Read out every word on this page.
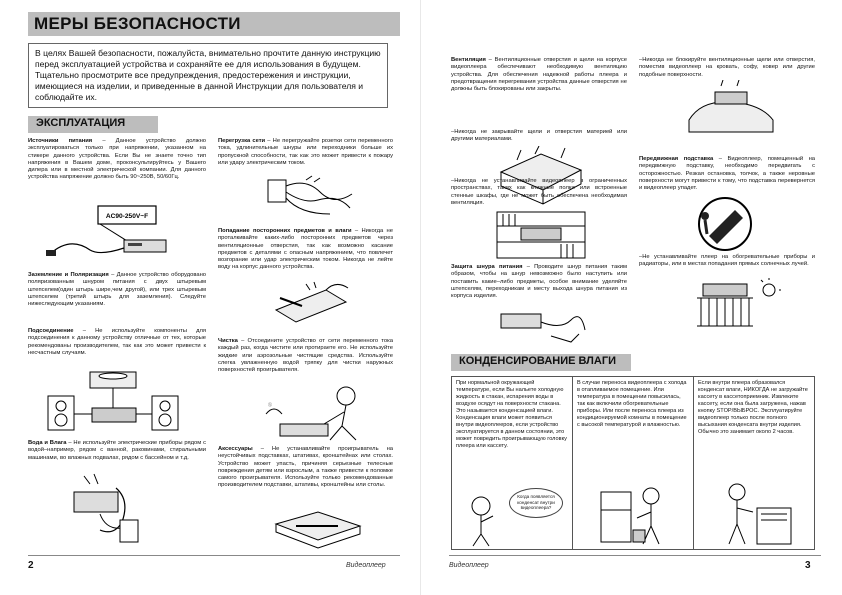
МЕРЫ БЕЗОПАСНОСТИ
В целях Вашей безопасности, пожалуйста, внимательно прочтите данную инструкцию перед эксплуатацией устройства и сохраняйте ее для использования в будущем. Тщательно просмотрите все предупреждения, предостережения и инструкции, имеющиеся на изделии, и приведенные в данной Инструкции для пользователя и соблюдайте их.
ЭКСПЛУАТАЦИЯ
Источники питания – Данное устройство должно эксплуатироваться только при напряжении, указанном на стикере данного устройства. Если Вы не знаете точно тип напряжения в Вашем доме, проконсультируйтесь у Вашего дилера или в местной электрической компании. Для данного устройства напряжение должно быть 90~250В, 50/60Гц.
AC90-250V~F
Заземление и Поляризация – Данное устройство оборудовано поляризованным шнуром питания с двух штыревым штепселем(один штырь шире,чем другой), или трех штыревым штепселем (третий штырь для заземления). Следуйте нижеследующим указаниям.
Подсоединение – Не используйте компоненты для подсоединения к данному устройству отличные от тех, которые рекомендованы производителем, так как это может привести к несчастным случаям.
Вода и Влага – Не используйте электрические приборы рядом с водой–например, рядом с ванной, раковинами, стиральными машинами, во влажных подвалах, рядом с бассейном и т.д.
Перегрузка сети – Не перегружайте розетки сети переменного тока, удлинительные шнуры или переходники больше их пропускной способности, так как это может привести к пожару или удару электрическим током.
Попадание посторонних предметов и влаги – Никогда не проталкивайте каких-либо посторонних предметов через вентиляционные отверстия, так как возможно касание предметов с деталями с опасным напряжением, что повлечет возгорание или удар электрическим током. Никогда не лейте воду на корпус данного устройства.
Чистка – Отсоедините устройство от сети переменного тока каждый раз, когда чистите или протираете его. Не используйте жидкие или аэрозольные чистящие средства. Используйте слегка увлажненную водой тряпку для чистки наружных поверхностей проигрывателя.
ⓧ
Аксессуары – Не устанавливайте проигрыватель на неустойчивых подставках, штативах, кронштейнах или столах. Устройство может упасть, причиняя серьезные телесные повреждения детям или взрослым, а также привести к поломке самого проигрывателя. Используйте только рекомендованные производителем подставки, штативы, кронштейны или столы.
2	Видеоплеер
Вентиляция – Вентиляционные отверстия и щели на корпусе видеоплеера обеспечивают необходимую вентиляцию устройства. Для обеспечения надежной работы плеера и предотвращения перегревания устройства данные отверстия не должны быть блокированы или закрыты.
–Никогда не закрывайте щели и отверстия материей или другими материалами.
–Никогда не устанавливайте видеоплеер в ограниченных пространствах, таких как книжные полки или встроенные стенные шкафы, где не может быть обеспечена необходимая вентиляция.
Защита шнура питания – Проводите шнур питания таким образом, чтобы на шнур невозможно было наступить или поставить какие–либо предметы, особое внимание уделяйте штепселям, переходникам и месту выхода шнура питания из корпуса изделия.
–Никогда не блокируйте вентиляционные щели или отверстия, поместив видеоплеер на кровать, софу, ковер или другие подобные поверхности.
Передвижная подставка – Видеоплеер, помещенный на передвижную подставку, необходимо передвигать с осторожностью. Резкая остановка, толчок, а также неровные поверхности могут привести к тому, что подставка перевернется и видеоплеер упадет.
–Не устанавливайте плеер на обогревательные приборы и радиаторы, или в местах попадания прямых солнечных лучей.
КОНДЕНСИРОВАНИЕ ВЛАГИ
При нормальной окружающей температуре, если Вы нальете холодную жидкость в стакан, испарения воды в воздухе осядут на поверхности стакана. Это называется конденсацией влаги. Конденсация влаги может появиться внутри видеоплееров, если устройство эксплуатируется в данном состоянии, это может повредить проигрывающую головку плеера или кассету.
В случае переноса видеоплеера с холода в отапливаемое помещение. Или температура в помещении повысилась, так как включили обогревательные приборы. Или после переноса плеера из кондиционируемой комнаты в помещение с высокой температурой и влажностью.
Если внутри плеера образовался конденсат влаги, НИКОГДА не загружайте кассету в кассетоприемник. Извлеките кассету, если она была загружена, нажав кнопку STOP/ВЫБРОС. Эксплуатируйте видеоплеер только после полного высыхания конденсата внутри изделия. Обычно это занимает около 2 часов.
Когда появляется конденсат внутри видеоплеера?
Видеоплеер	3
